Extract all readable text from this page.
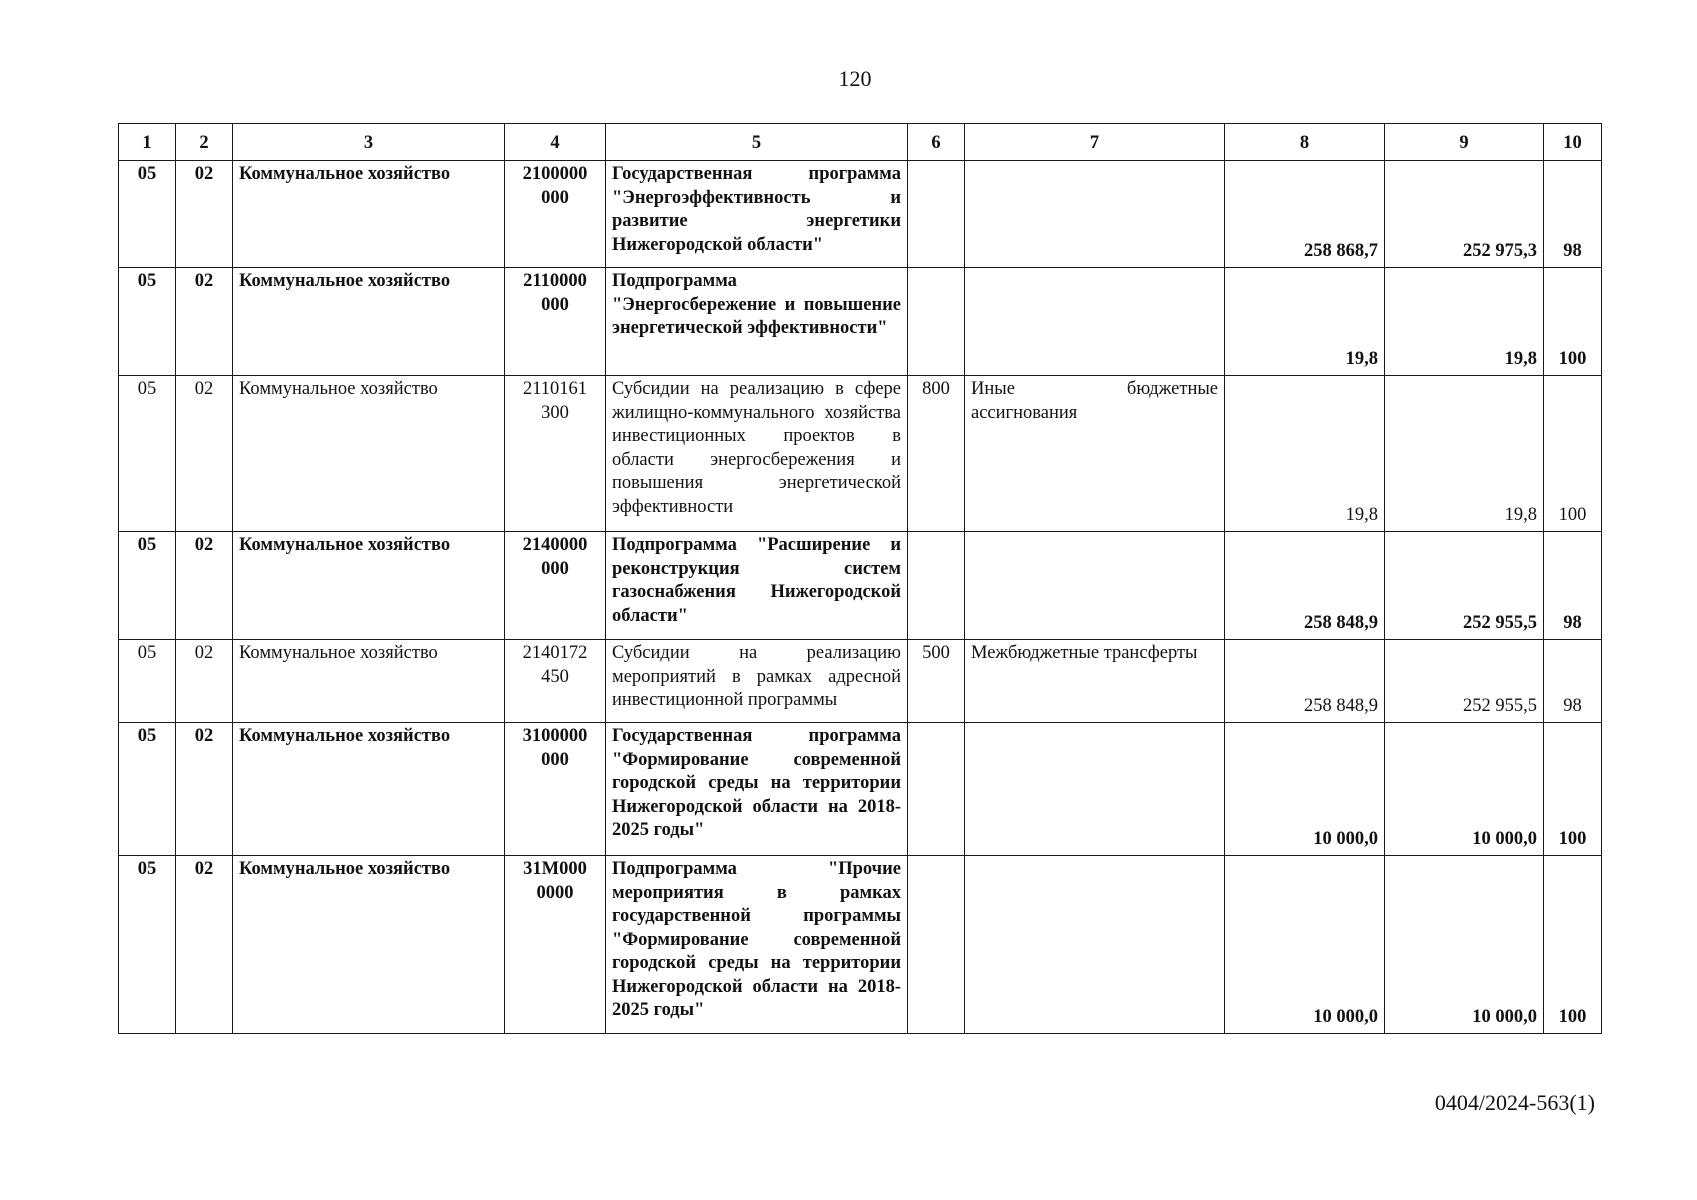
120
1	2	3	4	5	6	7	8	9	10
05	02	Коммунальное хозяйство	2100000 000	Государственная программа "Энергоэффективность и развитие энергетики Нижегородской области"			258 868,7	252 975,3	98
05	02	Коммунальное хозяйство	2110000 000	Подпрограмма "Энергосбережение и повышение энергетической эффективности"			19,8	19,8	100
05	02	Коммунальное хозяйство	2110161 300	Субсидии на реализацию в сфере жилищно-коммунального хозяйства инвестиционных проектов в области энергосбережения и повышения энергетической эффективности	800	Иные бюджетные ассигнования	19,8	19,8	100
05	02	Коммунальное хозяйство	2140000 000	Подпрограмма "Расширение и реконструкция систем газоснабжения Нижегородской области"			258 848,9	252 955,5	98
05	02	Коммунальное хозяйство	2140172 450	Субсидии на реализацию мероприятий в рамках адресной инвестиционной программы	500	Межбюджетные трансферты	258 848,9	252 955,5	98
05	02	Коммунальное хозяйство	3100000 000	Государственная программа "Формирование современной городской среды на территории Нижегородской области на 2018-2025 годы"			10 000,0	10 000,0	100
05	02	Коммунальное хозяйство	31М000 0000	Подпрограмма "Прочие мероприятия в рамках государственной программы "Формирование современной городской среды на территории Нижегородской области на 2018-2025 годы"			10 000,0	10 000,0	100
0404/2024-563(1)
